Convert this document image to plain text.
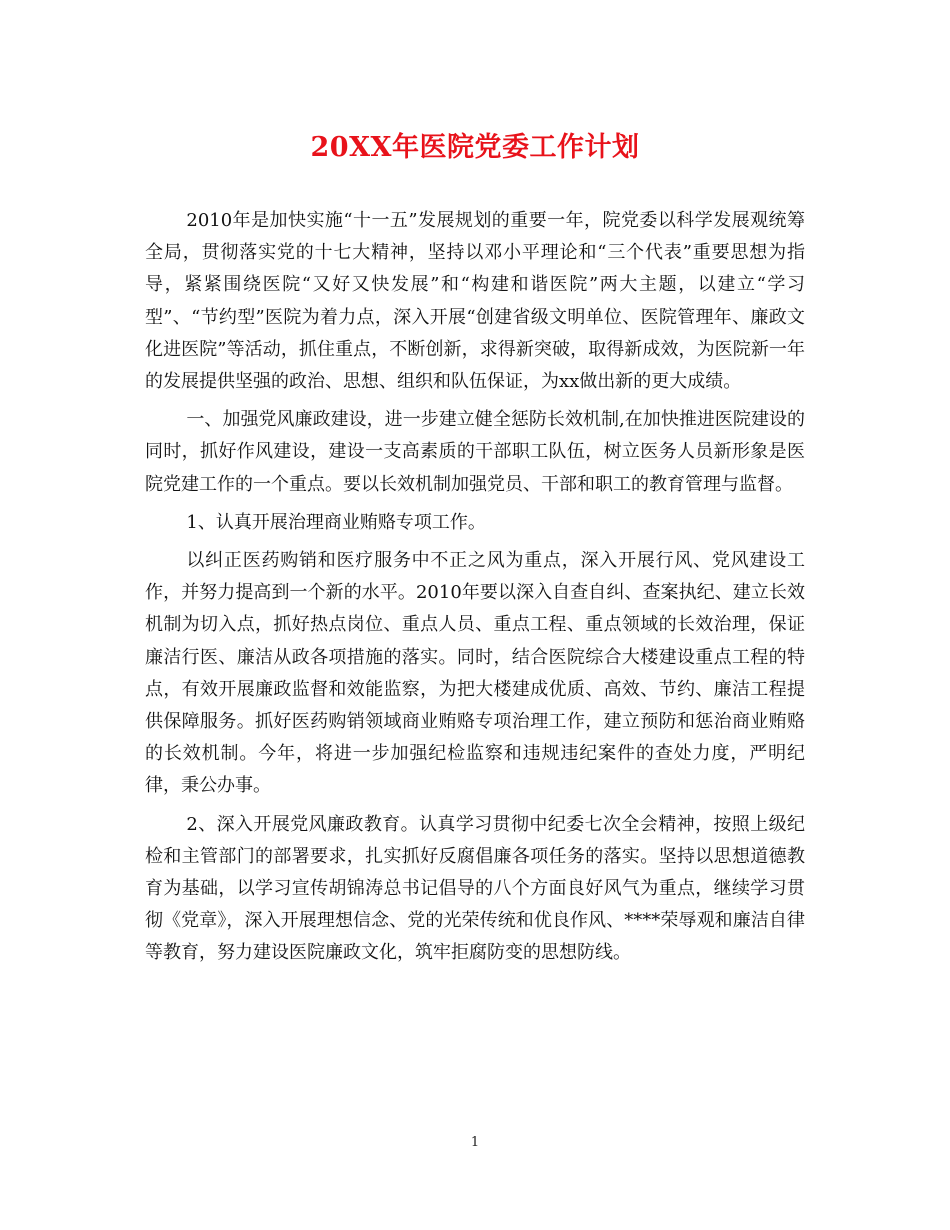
20XX年医院党委工作计划

2010年是加快实施“十一五”发展规划的重要一年，院党委以科学发展观统筹全局，贯彻落实党的十七大精神，坚持以邓小平理论和“三个代表”重要思想为指导，紧紧围绕医院“又好又快发展”和“构建和谐医院”两大主题，以建立“学习型”、“节约型”医院为着力点，深入开展“创建省级文明单位、医院管理年、廉政文化进医院”等活动，抓住重点，不断创新，求得新突破，取得新成效，为医院新一年的发展提供坚强的政治、思想、组织和队伍保证，为xx做出新的更大成绩。

一、加强党风廉政建设，进一步建立健全惩防长效机制,在加快推进医院建设的同时，抓好作风建设，建设一支高素质的干部职工队伍，树立医务人员新形象是医院党建工作的一个重点。要以长效机制加强党员、干部和职工的教育管理与监督。

1、认真开展治理商业贿赂专项工作。

以纠正医药购销和医疗服务中不正之风为重点，深入开展行风、党风建设工作，并努力提高到一个新的水平。2010年要以深入自查自纠、查案执纪、建立长效机制为切入点，抓好热点岗位、重点人员、重点工程、重点领域的长效治理，保证廉洁行医、廉洁从政各项措施的落实。同时，结合医院综合大楼建设重点工程的特点，有效开展廉政监督和效能监察，为把大楼建成优质、高效、节约、廉洁工程提供保障服务。抓好医药购销领域商业贿赂专项治理工作，建立预防和惩治商业贿赂的长效机制。今年，将进一步加强纪检监察和违规违纪案件的查处力度，严明纪律，秉公办事。

2、深入开展党风廉政教育。认真学习贯彻中纪委七次全会精神，按照上级纪检和主管部门的部署要求，扎实抓好反腐倡廉各项任务的落实。坚持以思想道德教育为基础，以学习宣传胡锦涛总书记倡导的八个方面良好风气为重点，继续学习贯彻《党章》，深入开展理想信念、党的光荣传统和优良作风、****荣辱观和廉洁自律等教育，努力建设医院廉政文化，筑牢拒腐防变的思想防线。

1
